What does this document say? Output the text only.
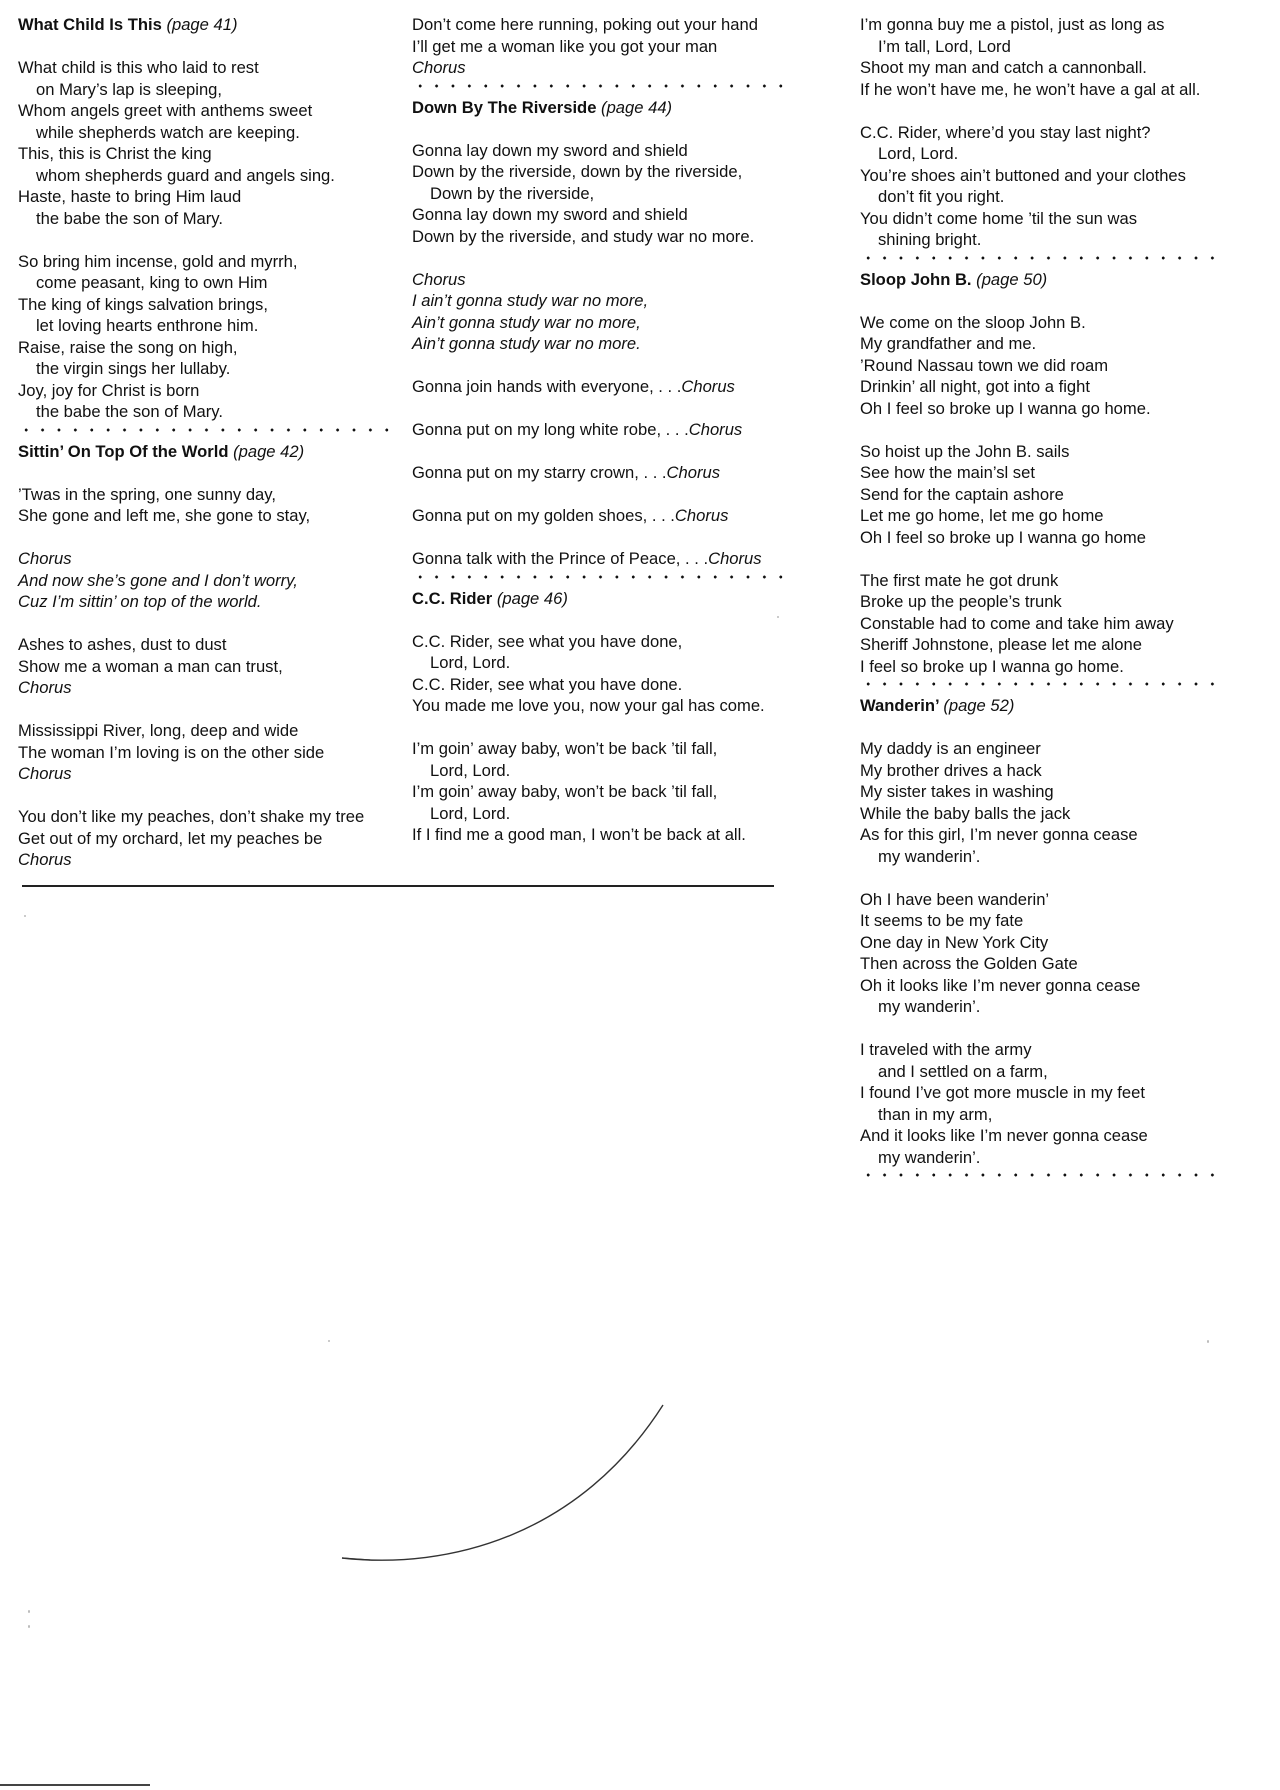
What Child Is This (page 41)

What child is this who laid to rest

on Mary’s lap is sleeping,

Whom angels greet with anthems sweet

while shepherds watch are keeping.

This, this is Christ the king

whom shepherds guard and angels sing.

Haste, haste to bring Him laud

the babe the son of Mary.

So bring him incense, gold and myrrh,

come peasant, king to own Him

The king of kings salvation brings,

let loving hearts enthrone him.

Raise, raise the song on high,

the virgin sings her lullaby.

Joy, joy for Christ is born

the babe the son of Mary.

Sittin’ On Top Of the World (page 42)

’Twas in the spring, one sunny day,

She gone and left me, she gone to stay,

Chorus

And now she’s gone and I don’t worry,

Cuz I’m sittin’ on top of the world.

Ashes to ashes, dust to dust

Show me a woman a man can trust,

Chorus

Mississippi River, long, deep and wide

The woman I’m loving is on the other side

Chorus

You don’t like my peaches, don’t shake my tree

Get out of my orchard, let my peaches be

Chorus

Don’t come here running, poking out your hand

I’ll get me a woman like you got your man

Chorus

Down By The Riverside (page 44)

Gonna lay down my sword and shield

Down by the riverside, down by the riverside,

Down by the riverside,

Gonna lay down my sword and shield

Down by the riverside, and study war no more.

Chorus

I ain’t gonna study war no more,

Ain’t gonna study war no more,

Ain’t gonna study war no more.

Gonna join hands with everyone, . . .Chorus

Gonna put on my long white robe, . . .Chorus

Gonna put on my starry crown, . . .Chorus

Gonna put on my golden shoes, . . .Chorus

Gonna talk with the Prince of Peace, . . .Chorus

C.C. Rider (page 46)

C.C. Rider, see what you have done,

Lord, Lord.

C.C. Rider, see what you have done.

You made me love you, now your gal has come.

I’m goin’ away baby, won’t be back ’til fall,

Lord, Lord.

I’m goin’ away baby, won’t be back ’til fall,

Lord, Lord.

If I find me a good man, I won’t be back at all.

I’m gonna buy me a pistol, just as long as

I’m tall, Lord, Lord

Shoot my man and catch a cannonball.

If he won’t have me, he won’t have a gal at all.

C.C. Rider, where’d you stay last night?

Lord, Lord.

You’re shoes ain’t buttoned and your clothes

don’t fit you right.

You didn’t come home ’til the sun was

shining bright.

Sloop John B. (page 50)

We come on the sloop John B.

My grandfather and me.

’Round Nassau town we did roam

Drinkin’ all night, got into a fight

Oh I feel so broke up I wanna go home.

So hoist up the John B. sails

See how the main’sl set

Send for the captain ashore

Let me go home, let me go home

Oh I feel so broke up I wanna go home

The first mate he got drunk

Broke up the people’s trunk

Constable had to come and take him away

Sheriff Johnstone, please let me alone

I feel so broke up I wanna go home.

Wanderin’ (page 52)

My daddy is an engineer

My brother drives a hack

My sister takes in washing

While the baby balls the jack

As for this girl, I’m never gonna cease

my wanderin’.

Oh I have been wanderin’

It seems to be my fate

One day in New York City

Then across the Golden Gate

Oh it looks like I’m never gonna cease

my wanderin’.

I traveled with the army

and I settled on a farm,

I found I’ve got more muscle in my feet

than in my arm,

And it looks like I’m never gonna cease

my wanderin’.
